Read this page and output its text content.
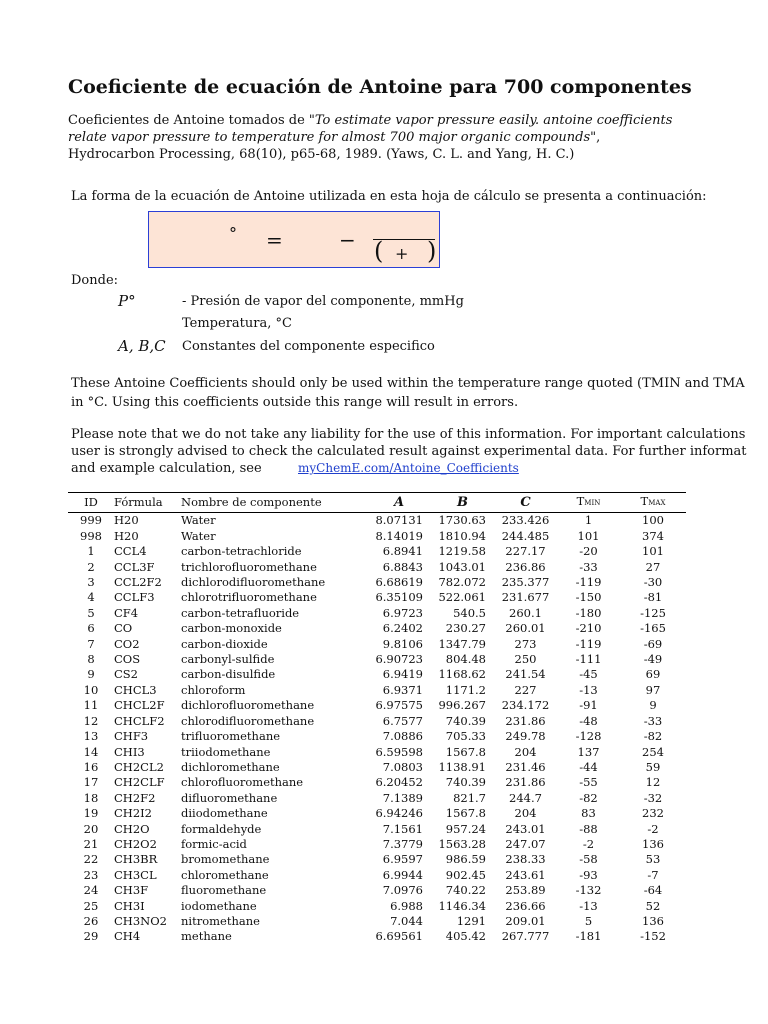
Coeficiente de ecuación de Antoine para 700 componentes
Coeficientes de Antoine tomados de "To estimate vapor pressure easily. antoine coefficients
relate vapor pressure to temperature for almost 700 major organic compounds",
Hydrocarbon Processing, 68(10), p65-68, 1989. (Yaws, C. L. and Yang, H. C.)
La forma de la ecuación de Antoine utilizada en esta hoja de cálculo se presenta a continuación:
° =	− ( + )
Donde:
P°	- Presión de vapor del componente, mmHg
Temperatura, °C
A, B,C Constantes del componente especifico
These Antoine Coefficients should only be used within the temperature range quoted (TMIN and TMA
in °C. Using this coefficients outside this range will result in errors.
Please note that we do not take any liability for the use of this information. For important calculations
user is strongly advised to check the calculated result against experimental data. For further informat
and example calculation, see	myChemE.com/Antoine_Coefficients
ID	Fórmula	Nombre de componente	A	B	C	TMIN	TMAX
999	H20	Water	8.07131	1730.63	233.426	1	100
998	H20	Water	8.14019	1810.94	244.485	101	374
1	CCL4	carbon-tetrachloride	6.8941	1219.58	227.17	-20	101
2	CCL3F	trichlorofluoromethane	6.8843	1043.01	236.86	-33	27
3	CCL2F2	dichlorodifluoromethane	6.68619	782.072	235.377	-119	-30
4	CCLF3	chlorotrifluoromethane	6.35109	522.061	231.677	-150	-81
5	CF4	carbon-tetrafluoride	6.9723	540.5	260.1	-180	-125
6	CO	carbon-monoxide	6.2402	230.27	260.01	-210	-165
7	CO2	carbon-dioxide	9.8106	1347.79	273	-119	-69
8	COS	carbonyl-sulfide	6.90723	804.48	250	-111	-49
9	CS2	carbon-disulfide	6.9419	1168.62	241.54	-45	69
10	CHCL3	chloroform	6.9371	1171.2	227	-13	97
11	CHCL2F	dichlorofluoromethane	6.97575	996.267	234.172	-91	9
12	CHCLF2	chlorodifluoromethane	6.7577	740.39	231.86	-48	-33
13	CHF3	trifluoromethane	7.0886	705.33	249.78	-128	-82
14	CHI3	triiodomethane	6.59598	1567.8	204	137	254
16	CH2CL2	dichloromethane	7.0803	1138.91	231.46	-44	59
17	CH2CLF	chlorofluoromethane	6.20452	740.39	231.86	-55	12
18	CH2F2	difluoromethane	7.1389	821.7	244.7	-82	-32
19	CH2I2	diiodomethane	6.94246	1567.8	204	83	232
20	CH2O	formaldehyde	7.1561	957.24	243.01	-88	-2
21	CH2O2	formic-acid	7.3779	1563.28	247.07	-2	136
22	CH3BR	bromomethane	6.9597	986.59	238.33	-58	53
23	CH3CL	chloromethane	6.9944	902.45	243.61	-93	-7
24	CH3F	fluoromethane	7.0976	740.22	253.89	-132	-64
25	CH3I	iodomethane	6.988	1146.34	236.66	-13	52
26	CH3NO2	nitromethane	7.044	1291	209.01	5	136
29	CH4	methane	6.69561	405.42	267.777	-181	-152
